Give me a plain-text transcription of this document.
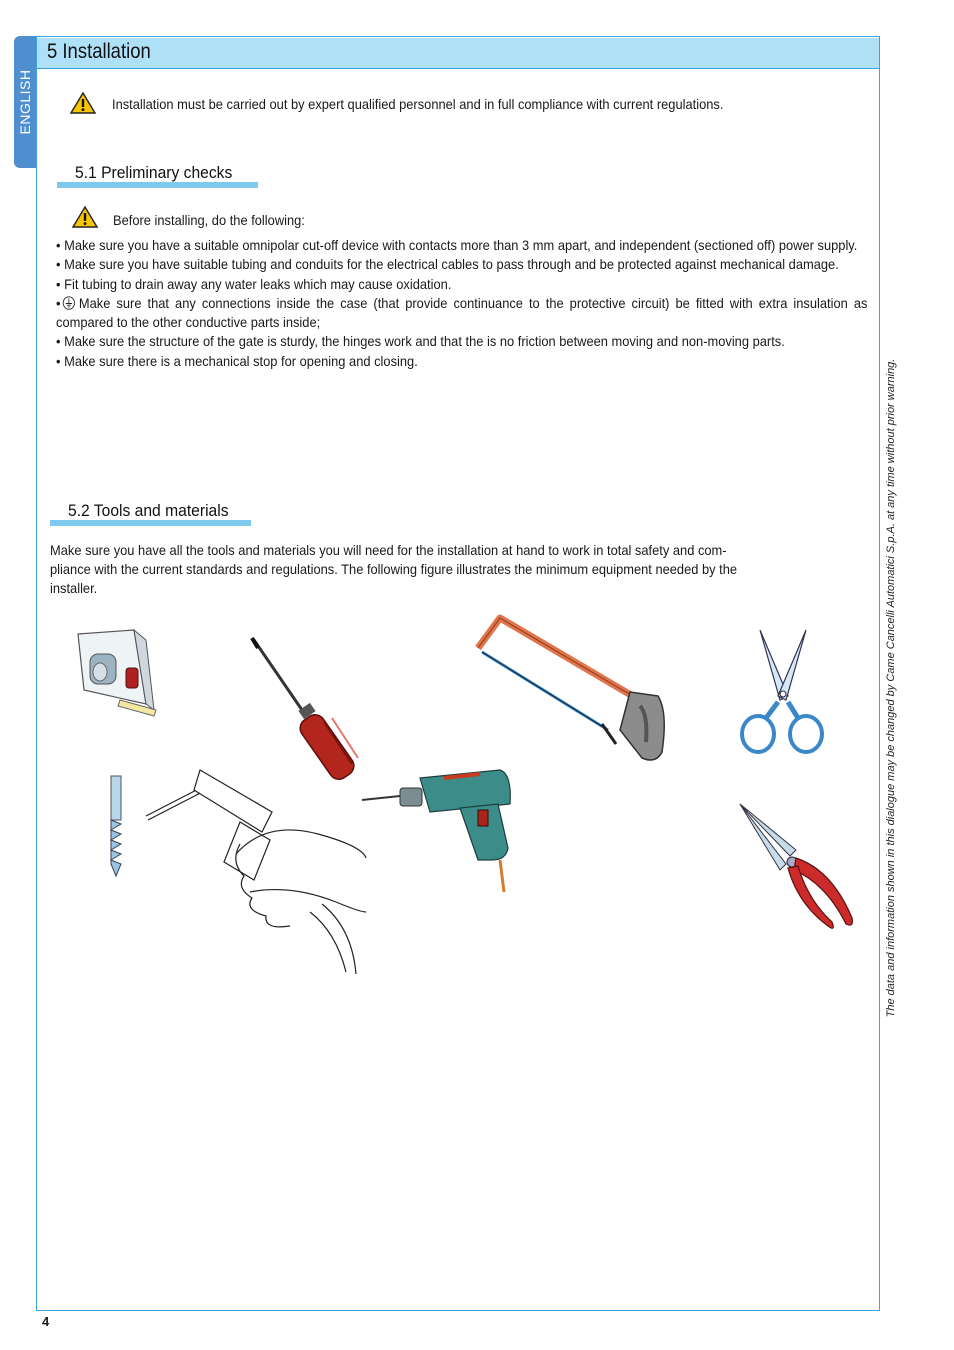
5 Installation
ENGLISH	Installation must be carried out by expert qualified personnel and in full compliance with current regulations.
5.1 Preliminary checks
Before installing, do the following:

• Make sure you have a suitable omnipolar cut-off device with contacts more than 3 mm apart, and independent (sectioned off) power supply.

• Make sure you have suitable tubing and conduits for the electrical cables to pass through and be protected against mechanical damage.

• Fit tubing to drain away any water leaks which may cause oxidation.

• Make sure that any connections inside the case (that provide continuance to the protective circuit) be fitted with extra insulation as compared to the other conductive parts inside;

• Make sure the structure of the gate is sturdy, the hinges work and that the is no friction between moving and non-moving parts.

• Make sure there is a mechanical stop for opening and closing.

5.2 Tools and materials
Make sure you have all the tools and materials you will need for the installation at hand to work in total safety and com-
pliance with the current standards and regulations. The following figure illustrates the minimum equipment needed by the
installer.	The data and information shown in this dialogue may be changed by Came Cancelli Automatici S.p.A. at any time without prior warning.
4
